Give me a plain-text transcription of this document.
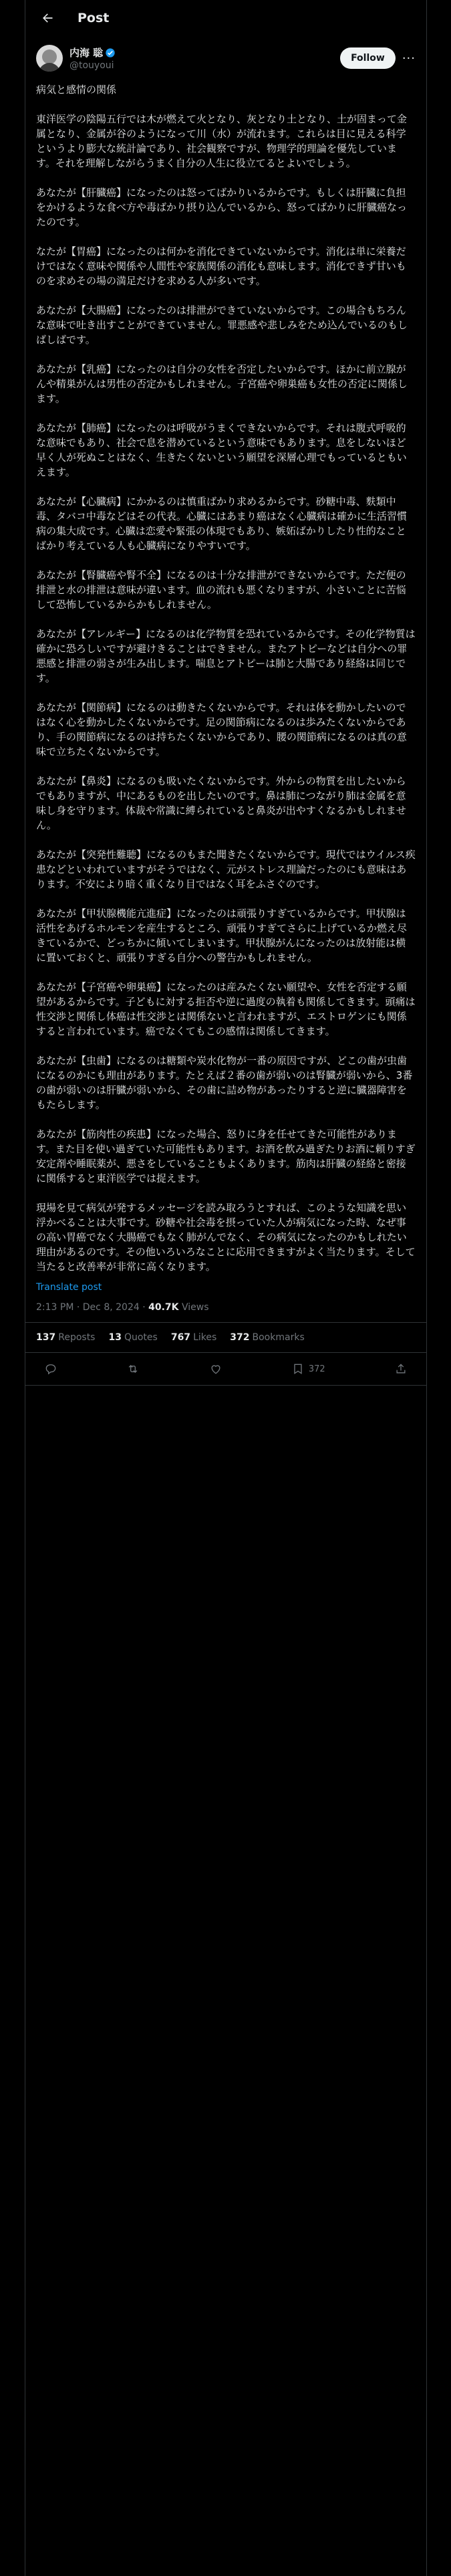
Post
内海 聡
@touyoui
Follow	···

病気と感情の関係

東洋医学の陰陽五行では木が燃えて火となり、灰となり土となり、土が固まって金属となり、金属が谷のようになって川（水）が流れます。これらは目に見える科学というより膨大な統計論であり、社会観察ですが、物理学的理論を優先しています。それを理解しながらうまく自分の人生に役立てるとよいでしょう。

あなたが【肝臓癌】になったのは怒ってばかりいるからです。もしくは肝臓に負担をかけるような食べ方や毒ばかり摂り込んでいるから、怒ってばかりに肝臓癌なったのです。

なたが【胃癌】になったのは何かを消化できていないからです。消化は単に栄養だけではなく意味や関係や人間性や家族関係の消化も意味します。消化できず甘いものを求めその場の満足だけを求める人が多いです。

あなたが【大腸癌】になったのは排泄ができていないからです。この場合もちろんな意味で吐き出すことができていません。罪悪感や悲しみをため込んでいるのもしばしばです。

あなたが【乳癌】になったのは自分の女性を否定したいからです。ほかに前立腺がんや精巣がんは男性の否定かもしれません。子宮癌や卵巣癌も女性の否定に関係します。

あなたが【肺癌】になったのは呼吸がうまくできないからです。それは腹式呼吸的な意味でもあり、社会で息を潜めているという意味でもあります。息をしないほど早く人が死ぬことはなく、生きたくないという願望を深層心理でもっているともいえます。

あなたが【心臓病】にかかるのは慎重ばかり求めるからです。砂糖中毒、麩類中毒、タバコ中毒などはその代表。心臓にはあまり癌はなく心臓病は確かに生活習慣病の集大成です。心臓は恋愛や緊張の体現でもあり、嫉妬ばかりしたり性的なことばかり考えている人も心臓病になりやすいです。

あなたが【腎臓癌や腎不全】になるのは十分な排泄ができないからです。ただ便の排泄と水の排泄は意味が違います。血の流れも悪くなりますが、小さいことに苦悩して恐怖しているからかもしれません。

あなたが【アレルギー】になるのは化学物質を恐れているからです。その化学物質は確かに恐ろしいですが避けきることはできません。またアトピーなどは自分への罪悪感と排泄の弱さが生み出します。喘息とアトピーは肺と大腸であり経絡は同じです。

あなたが【関節病】になるのは動きたくないからです。それは体を動かしたいのではなく心を動かしたくないからです。足の関節病になるのは歩みたくないからであり、手の関節病になるのは持ちたくないからであり、腰の関節病になるのは真の意味で立ちたくないからです。

あなたが【鼻炎】になるのも吸いたくないからです。外からの物質を出したいからでもありますが、中にあるものを出したいのです。鼻は肺につながり肺は金属を意味し身を守ります。体裁や常識に縛られていると鼻炎が出やすくなるかもしれません。

あなたが【突発性難聴】になるのもまた聞きたくないからです。現代ではウイルス疾患などといわれていますがそうではなく、元がストレス理論だったのにも意味はあります。不安により暗く重くなり目ではなく耳をふさぐのです。

あなたが【甲状腺機能亢進症】になったのは頑張りすぎているからです。甲状腺は活性をあげるホルモンを産生するところ、頑張りすぎてさらに上げているか燃え尽きているかで、どっちかに傾いてしまいます。甲状腺がんになったのは放射能は横に置いておくと、頑張りすぎる自分への警告かもしれません。

あなたが【子宮癌や卵巣癌】になったのは産みたくない願望や、女性を否定する願望があるからです。子どもに対する拒否や逆に過度の執着も関係してきます。頭痛は性交渉と関係し体癌は性交渉とは関係ないと言われますが、エストロゲンにも関係すると言われています。癌でなくてもこの感情は関係してきます。

あなたが【虫歯】になるのは糖類や炭水化物が一番の原因ですが、どこの歯が虫歯になるのかにも理由があります。たとえば２番の歯が弱いのは腎臓が弱いから、3番の歯が弱いのは肝臓が弱いから、その歯に詰め物があったりすると逆に臓器障害をもたらします。

あなたが【筋肉性の疾患】になった場合、怒りに身を任せてきた可能性があります。また目を使い過ぎていた可能性もあります。お酒を飲み過ぎたりお酒に頼りすぎ安定剤や睡眠薬が、悪さをしていることもよくあります。筋肉は肝臓の経絡と密接に関係すると東洋医学では捉えます。

現場を見て病気が発するメッセージを読み取ろうとすれば、このような知識を思い浮かべることは大事です。砂糖や社会毒を摂っていた人が病気になった時、なぜ事の高い胃癌でなく大腸癌でもなく肺がんでなく、その病気になったのかもしれたい理由があるのです。その他いろいろなことに応用できますがよく当たります。そして当たると改善率が非常に高くなります。

Translate post
2:13 PM · Dec 8, 2024 · 40.7K Views
137 Reposts 13 Quotes 767 Likes 372 Bookmarks
372
